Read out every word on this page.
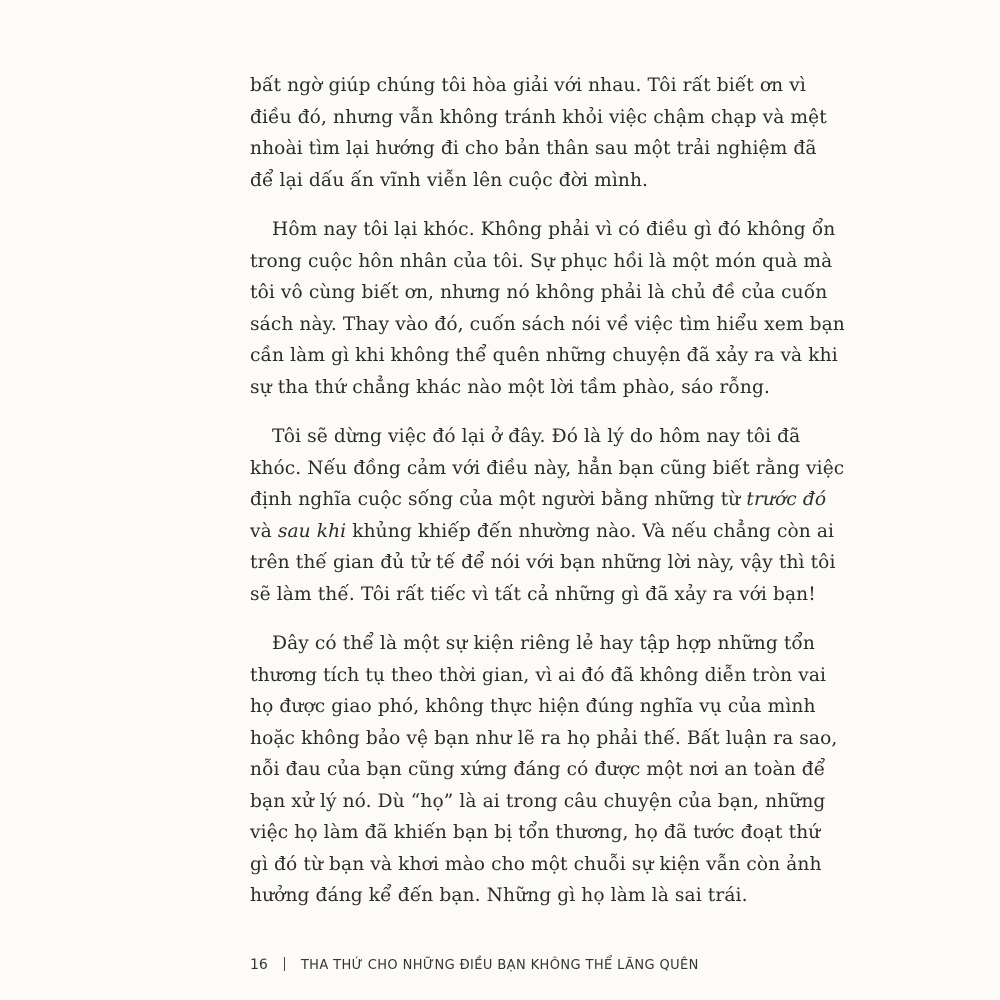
bất ngờ giúp chúng tôi hòa giải với nhau. Tôi rất biết ơn vì
điều đó, nhưng vẫn không tránh khỏi việc chậm chạp và mệt
nhoài tìm lại hướng đi cho bản thân sau một trải nghiệm đã
để lại dấu ấn vĩnh viễn lên cuộc đời mình.

Hôm nay tôi lại khóc. Không phải vì có điều gì đó không ổn
trong cuộc hôn nhân của tôi. Sự phục hồi là một món quà mà
tôi vô cùng biết ơn, nhưng nó không phải là chủ đề của cuốn
sách này. Thay vào đó, cuốn sách nói về việc tìm hiểu xem bạn
cần làm gì khi không thể quên những chuyện đã xảy ra và khi
sự tha thứ chẳng khác nào một lời tầm phào, sáo rỗng.

Tôi sẽ dừng việc đó lại ở đây. Đó là lý do hôm nay tôi đã
khóc. Nếu đồng cảm với điều này, hẳn bạn cũng biết rằng việc
định nghĩa cuộc sống của một người bằng những từ trước đó
và sau khi khủng khiếp đến nhường nào. Và nếu chẳng còn ai
trên thế gian đủ tử tế để nói với bạn những lời này, vậy thì tôi
sẽ làm thế. Tôi rất tiếc vì tất cả những gì đã xảy ra với bạn!

Đây có thể là một sự kiện riêng lẻ hay tập hợp những tổn
thương tích tụ theo thời gian, vì ai đó đã không diễn tròn vai
họ được giao phó, không thực hiện đúng nghĩa vụ của mình
hoặc không bảo vệ bạn như lẽ ra họ phải thế. Bất luận ra sao,
nỗi đau của bạn cũng xứng đáng có được một nơi an toàn để
bạn xử lý nó. Dù “họ” là ai trong câu chuyện của bạn, những
việc họ làm đã khiến bạn bị tổn thương, họ đã tước đoạt thứ
gì đó từ bạn và khơi mào cho một chuỗi sự kiện vẫn còn ảnh
hưởng đáng kể đến bạn. Những gì họ làm là sai trái.

16	THA THỨ CHO NHỮNG ĐIỀU BẠN KHÔNG THỂ LÃNG QUÊN
